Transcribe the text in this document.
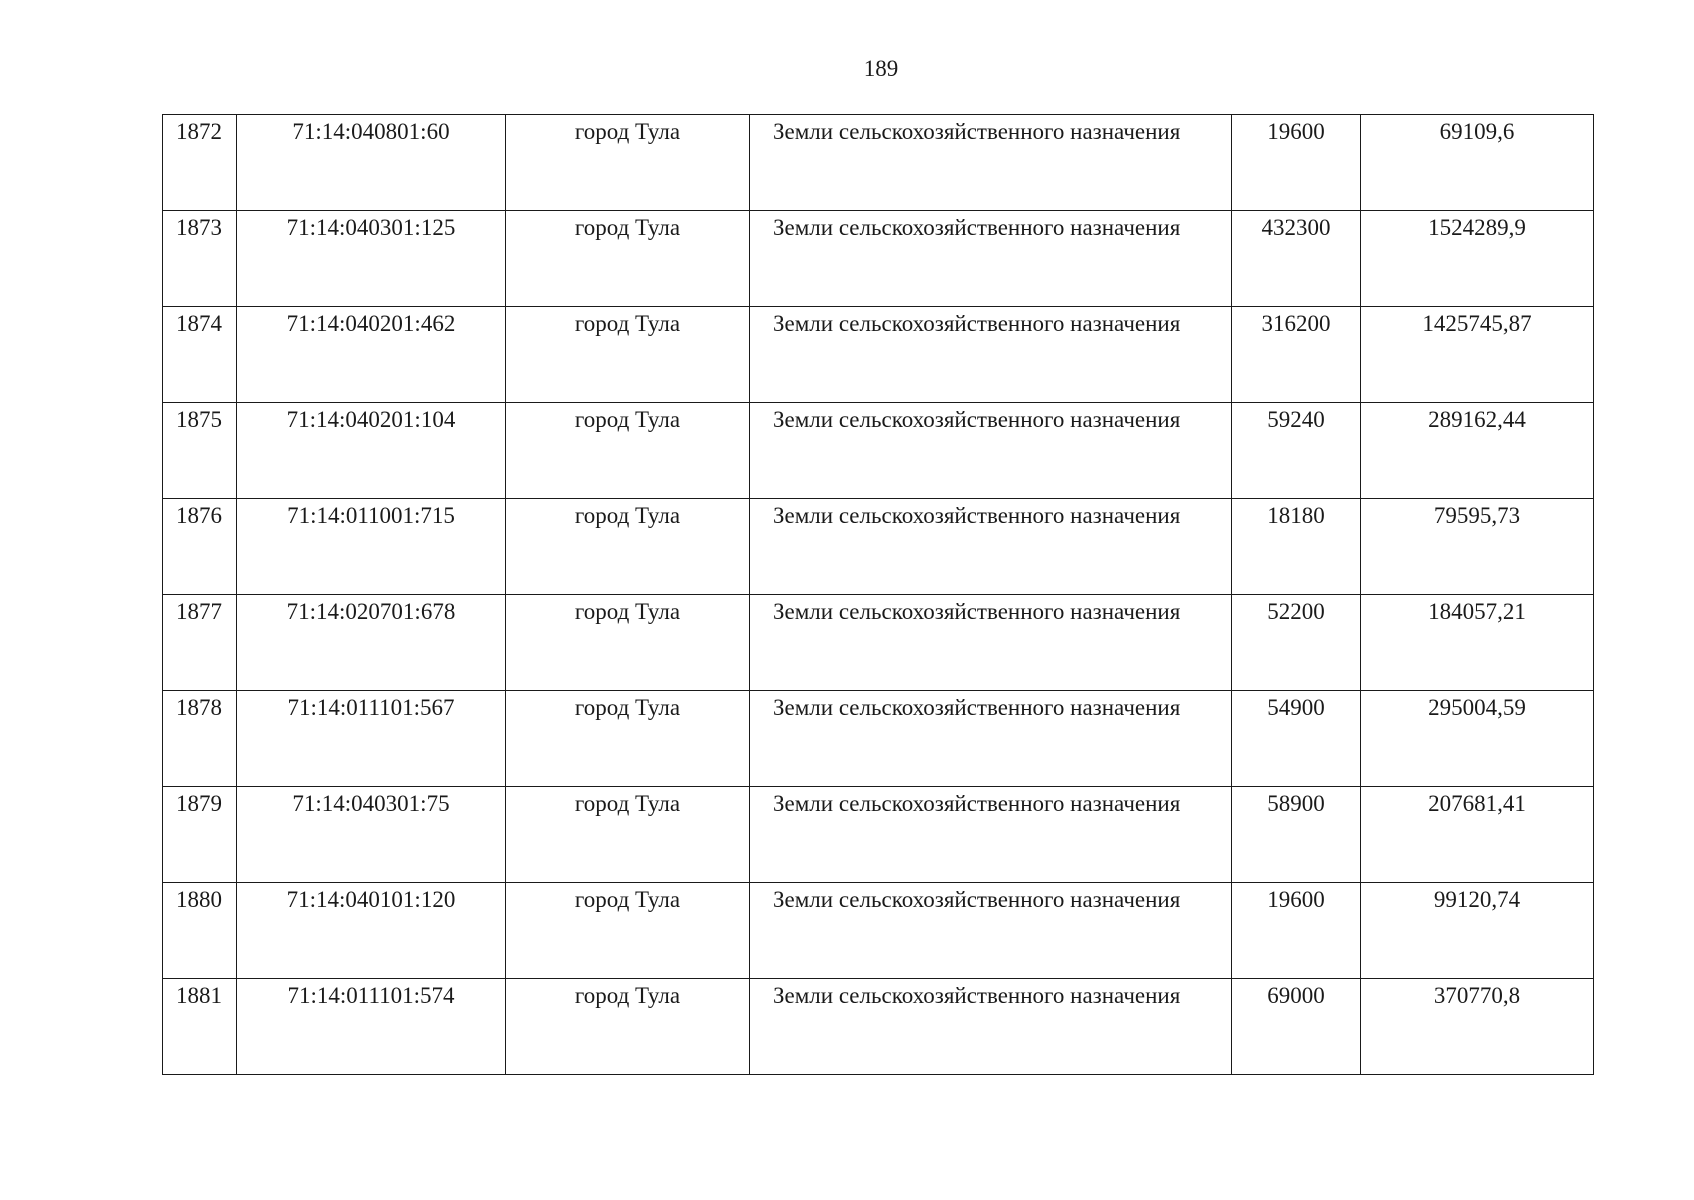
189
1872	71:14:040801:60	город Тула	Земли сельскохозяйственного назначения	19600	69109,6
1873	71:14:040301:125	город Тула	Земли сельскохозяйственного назначения	432300	1524289,9
1874	71:14:040201:462	город Тула	Земли сельскохозяйственного назначения	316200	1425745,87
1875	71:14:040201:104	город Тула	Земли сельскохозяйственного назначения	59240	289162,44
1876	71:14:011001:715	город Тула	Земли сельскохозяйственного назначения	18180	79595,73
1877	71:14:020701:678	город Тула	Земли сельскохозяйственного назначения	52200	184057,21
1878	71:14:011101:567	город Тула	Земли сельскохозяйственного назначения	54900	295004,59
1879	71:14:040301:75	город Тула	Земли сельскохозяйственного назначения	58900	207681,41
1880	71:14:040101:120	город Тула	Земли сельскохозяйственного назначения	19600	99120,74
1881	71:14:011101:574	город Тула	Земли сельскохозяйственного назначения	69000	370770,8
